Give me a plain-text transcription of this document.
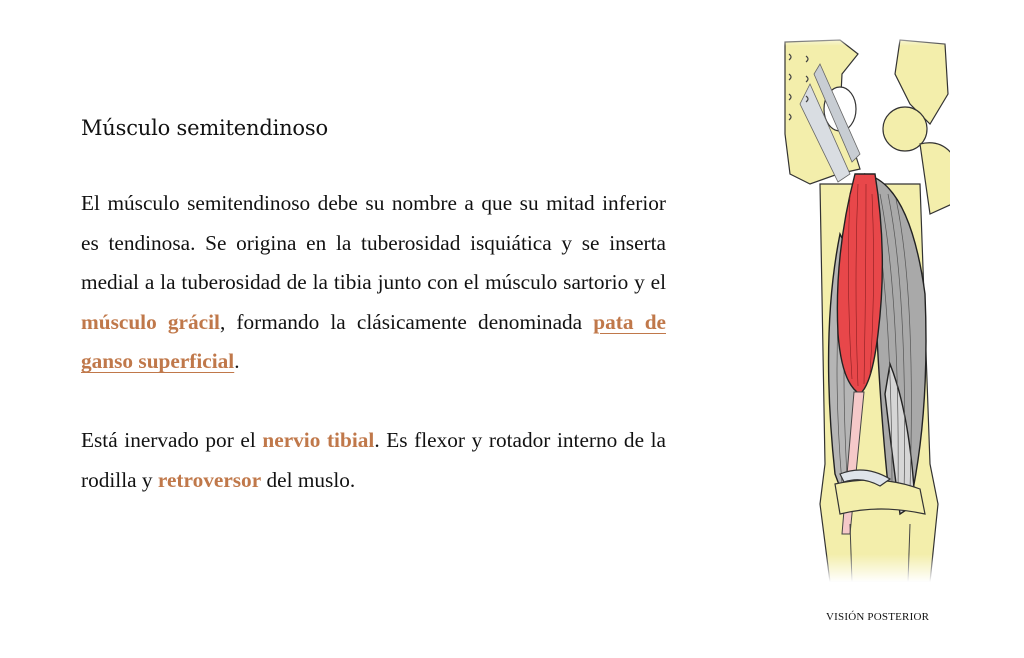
Músculo semitendinoso

El músculo semitendinoso debe su nombre a que su mitad inferior es tendinosa. Se origina en la tuberosidad isquiática y se inserta medial a la tuberosidad de la tibia junto con el músculo sartorio y el músculo grácil, formando la clásicamente denominada pata de ganso superficial.

Está inervado por el nervio tibial. Es flexor y rotador interno de la rodilla y retroversor del muslo.

VISIÓN POSTERIOR
